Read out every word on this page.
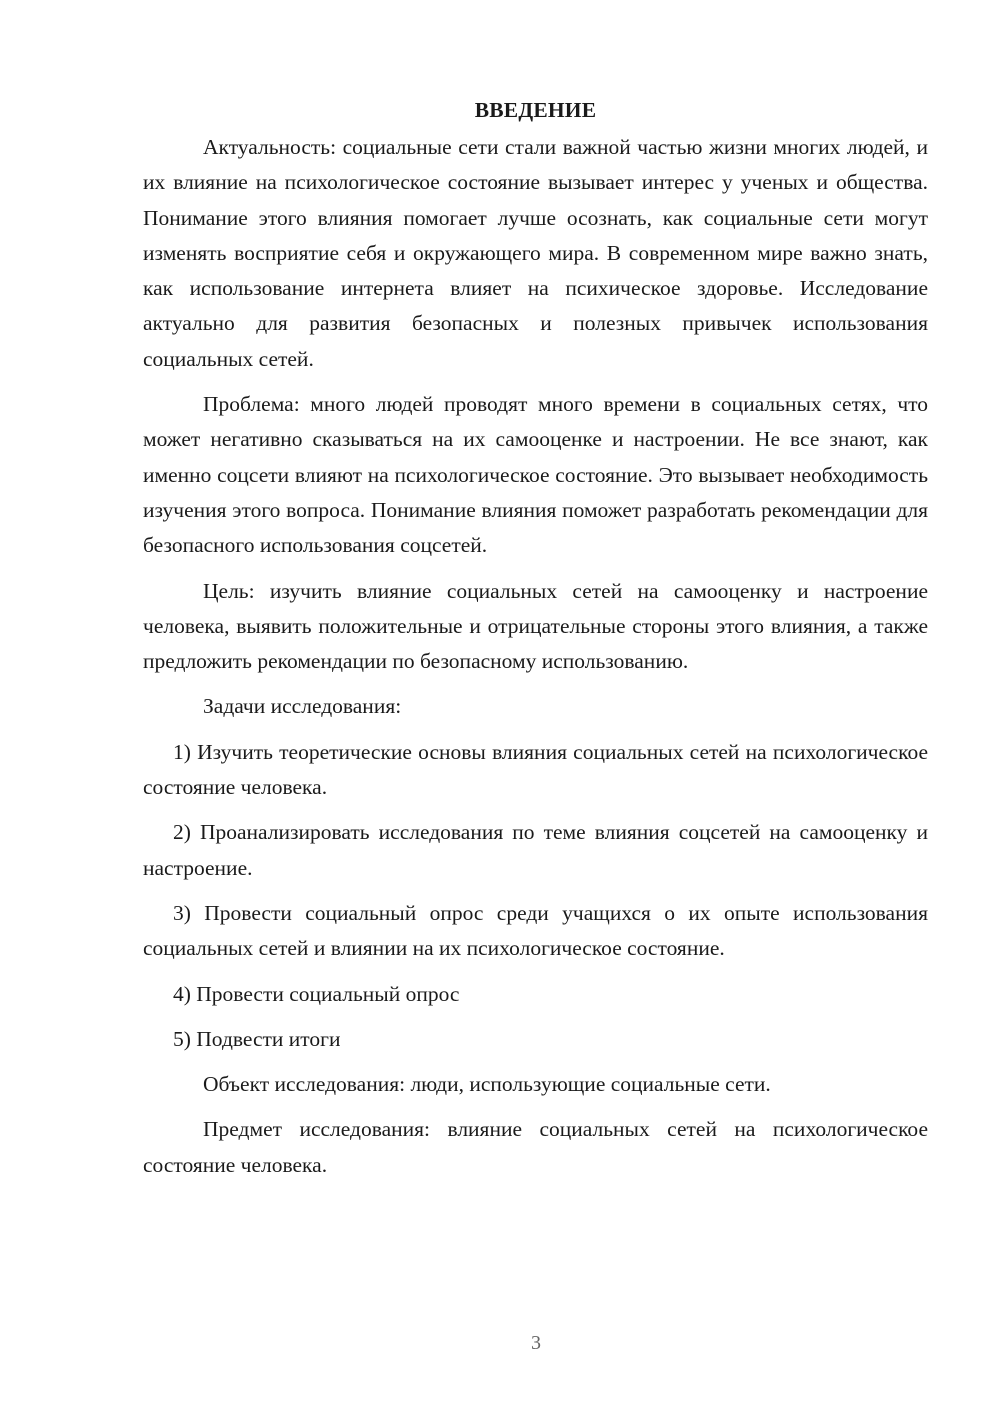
ВВЕДЕНИЕ

Актуальность: социальные сети стали важной частью жизни многих людей, и их влияние на психологическое состояние вызывает интерес у ученых и общества. Понимание этого влияния помогает лучше осознать, как социальные сети могут изменять восприятие себя и окружающего мира. В современном мире важно знать, как использование интернета влияет на психическое здоровье. Исследование актуально для развития безопасных и полезных привычек использования социальных сетей.

Проблема: много людей проводят много времени в социальных сетях, что может негативно сказываться на их самооценке и настроении. Не все знают, как именно соцсети влияют на психологическое состояние. Это вызывает необходимость изучения этого вопроса. Понимание влияния поможет разработать рекомендации для безопасного использования соцсетей.

Цель: изучить влияние социальных сетей на самооценку и настроение человека, выявить положительные и отрицательные стороны этого влияния, а также предложить рекомендации по безопасному использованию.

Задачи исследования:

1) Изучить теоретические основы влияния социальных сетей на психологическое состояние человека.

2) Проанализировать исследования по теме влияния соцсетей на самооценку и настроение.

3) Провести социальный опрос среди учащихся о их опыте использования социальных сетей и влиянии на их психологическое состояние.

4) Провести социальный опрос

5) Подвести итоги

Объект исследования: люди, использующие социальные сети.

Предмет исследования: влияние социальных сетей на психологическое состояние человека.

3
